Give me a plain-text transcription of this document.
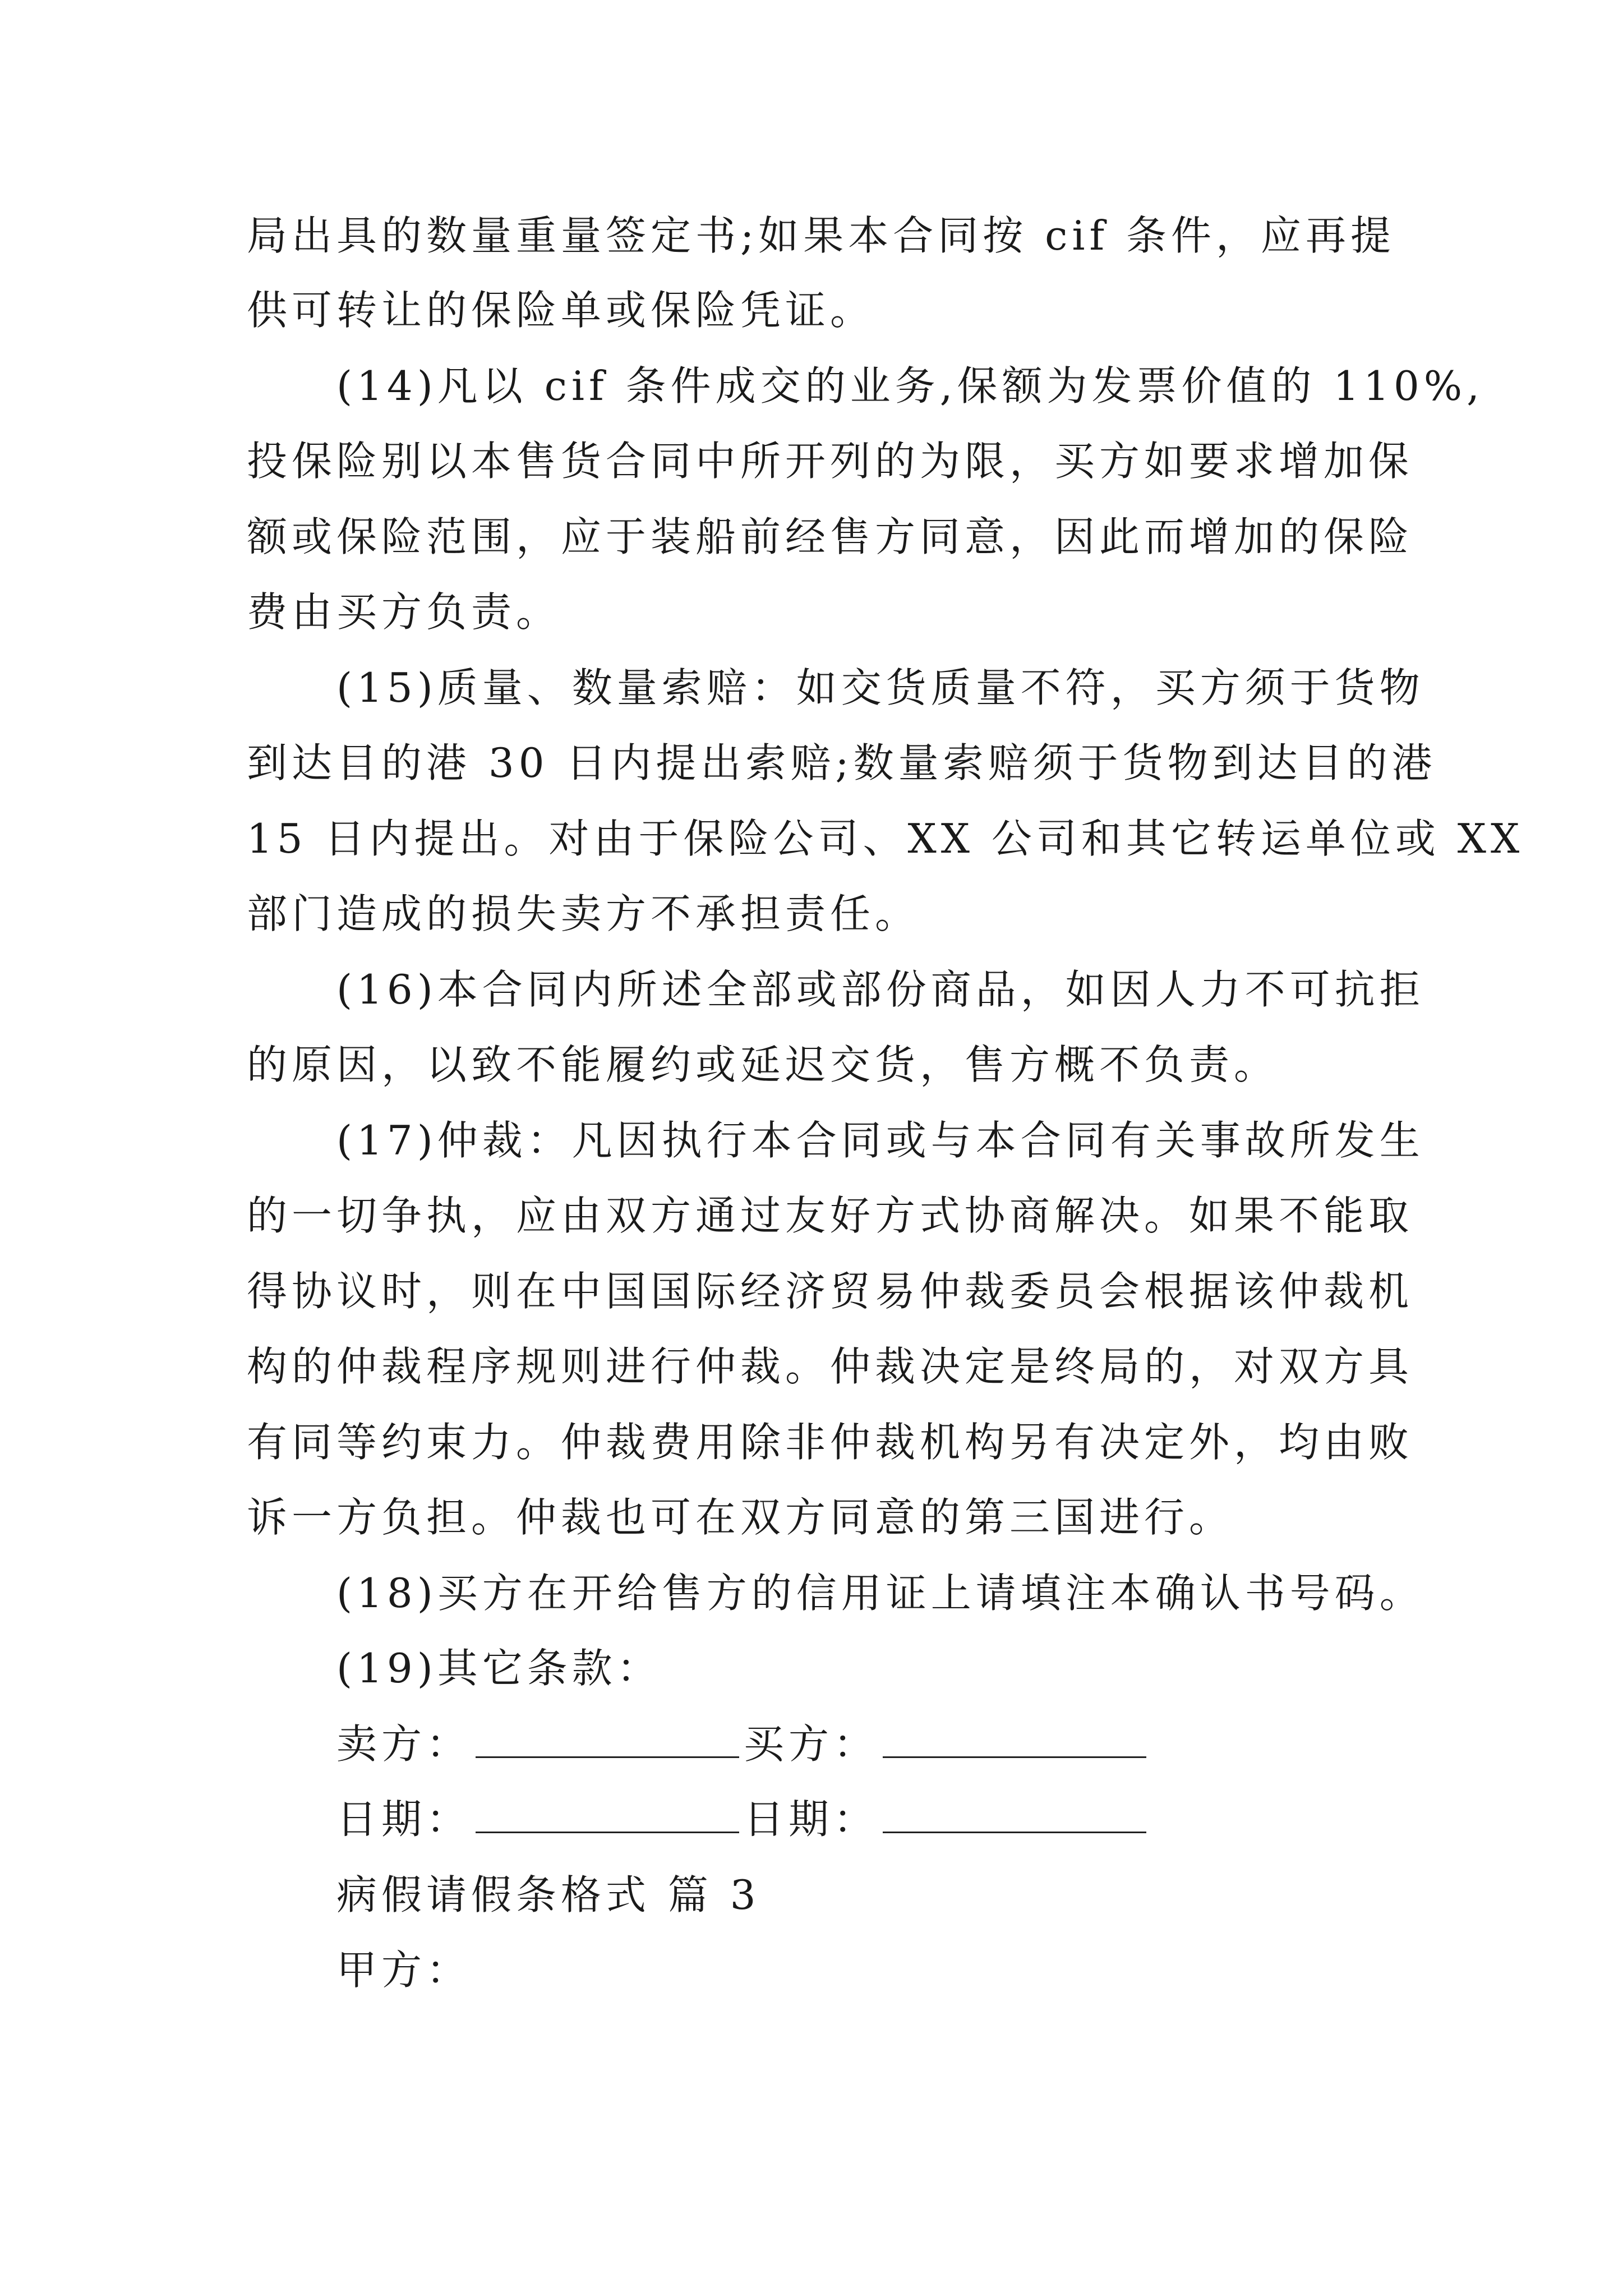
局出具的数量重量签定书;如果本合同按 cif 条件，应再提
供可转让的保险单或保险凭证。
(14)凡以 cif 条件成交的业务,保额为发票价值的 110%,
投保险别以本售货合同中所开列的为限，买方如要求增加保
额或保险范围，应于装船前经售方同意，因此而增加的保险
费由买方负责。
(15)质量、数量索赔：如交货质量不符，买方须于货物
到达目的港 30 日内提出索赔;数量索赔须于货物到达目的港
15 日内提出。对由于保险公司、XX 公司和其它转运单位或 XX
部门造成的损失卖方不承担责任。
(16)本合同内所述全部或部份商品，如因人力不可抗拒
的原因，以致不能履约或延迟交货，售方概不负责。
(17)仲裁：凡因执行本合同或与本合同有关事故所发生
的一切争执，应由双方通过友好方式协商解决。如果不能取
得协议时，则在中国国际经济贸易仲裁委员会根据该仲裁机
构的仲裁程序规则进行仲裁。仲裁决定是终局的，对双方具
有同等约束力。仲裁费用除非仲裁机构另有决定外，均由败
诉一方负担。仲裁也可在双方同意的第三国进行。
(18)买方在开给售方的信用证上请填注本确认书号码。
(19)其它条款：
卖方：	买方：
日期：	日期：
病假请假条格式 篇 3
甲方：
